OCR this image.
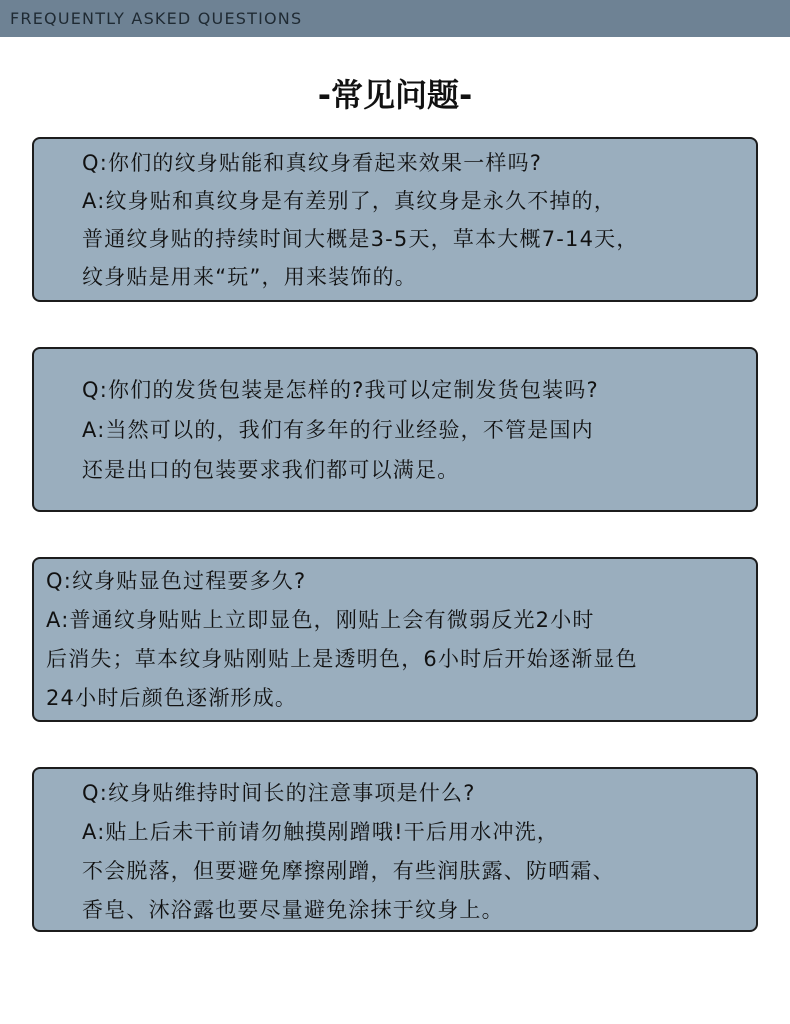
FREQUENTLY ASKED QUESTIONS
-常见问题-
Q:你们的纹身贴能和真纹身看起来效果一样吗?
A:纹身贴和真纹身是有差别了，真纹身是永久不掉的，
普通纹身贴的持续时间大概是3-5天，草本大概7-14天，
纹身贴是用来“玩”，用来装饰的。
Q:你们的发货包装是怎样的?我可以定制发货包装吗?
A:当然可以的，我们有多年的行业经验，不管是国内
还是出口的包装要求我们都可以满足。
Q:纹身贴显色过程要多久?
A:普通纹身贴贴上立即显色，刚贴上会有微弱反光2小时
后消失；草本纹身贴刚贴上是透明色，6小时后开始逐渐显色
24小时后颜色逐渐形成。
Q:纹身贴维持时间长的注意事项是什么?
A:贴上后未干前请勿触摸剐蹭哦!干后用水冲洗，
不会脱落，但要避免摩擦剐蹭，有些润肤露、防晒霜、
香皂、沐浴露也要尽量避免涂抹于纹身上。
